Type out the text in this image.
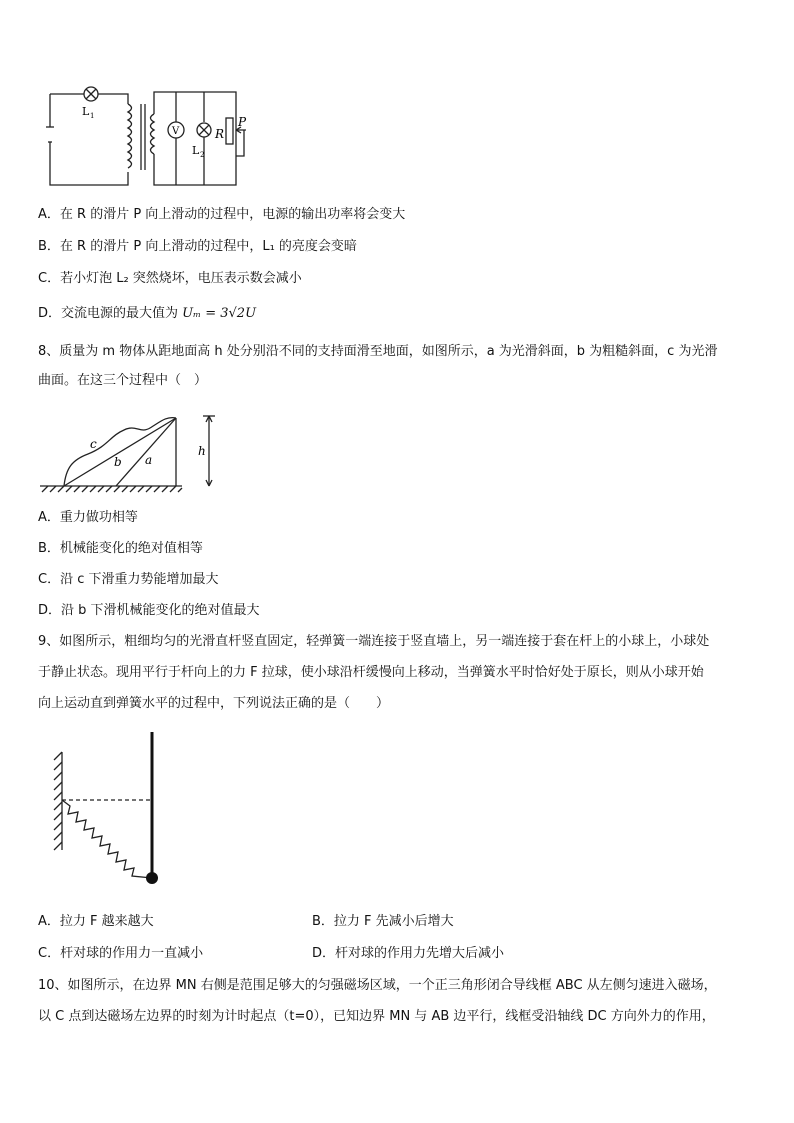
L 1
V
L 2
R
P
A．在 R 的滑片 P 向上滑动的过程中，电源的输出功率将会变大
B．在 R 的滑片 P 向上滑动的过程中，L₁ 的亮度会变暗
C．若小灯泡 L₂ 突然烧坏，电压表示数会减小
D．交流电源的最大值为 Uₘ = 3√2U
8、质量为 m 物体从距地面高 h 处分别沿不同的支持面滑至地面，如图所示，a 为光滑斜面，b 为粗糙斜面，c 为光滑
曲面。在这三个过程中（　）
c
b a
h
A．重力做功相等
B．机械能变化的绝对值相等
C．沿 c 下滑重力势能增加最大
D．沿 b 下滑机械能变化的绝对值最大
9、如图所示，粗细均匀的光滑直杆竖直固定，轻弹簧一端连接于竖直墙上，另一端连接于套在杆上的小球上，小球处
于静止状态。现用平行于杆向上的力 F 拉球，使小球沿杆缓慢向上移动，当弹簧水平时恰好处于原长，则从小球开始
向上运动直到弹簧水平的过程中，下列说法正确的是（　　）
A．拉力 F 越来越大	B．拉力 F 先减小后增大
C．杆对球的作用力一直减小	D．杆对球的作用力先增大后减小
10、如图所示，在边界 MN 右侧是范围足够大的匀强磁场区域，一个正三角形闭合导线框 ABC 从左侧匀速进入磁场，
以 C 点到达磁场左边界的时刻为计时起点（t=0），已知边界 MN 与 AB 边平行，线框受沿轴线 DC 方向外力的作用，
